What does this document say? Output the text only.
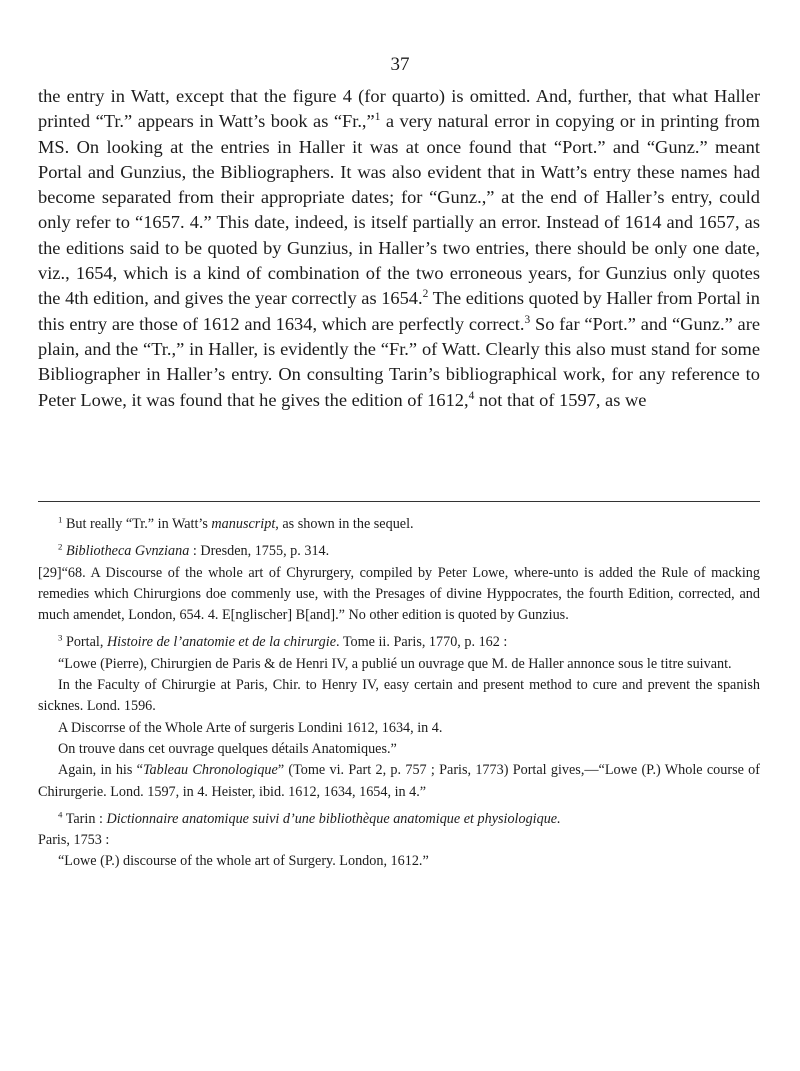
37

the entry in Watt, except that the figure 4 (for quarto) is omitted. And, further, that what Haller printed “Tr.” appears in Watt’s book as “Fr.,”$^1$ a very natural error in copying or in printing from MS. On looking at the entries in Haller it was at once found that “Port.” and “Gunz.” meant Portal and Gunzius, the Bibliographers. It was also evident that in Watt’s entry these names had become separated from their appropriate dates; for “Gunz.,” at the end of Haller’s entry, could only refer to “1657. 4.” This date, indeed, is itself partially an error. Instead of 1614 and 1657, as the editions said to be quoted by Gunzius, in Haller’s two entries, there should be only one date, viz., 1654, which is a kind of combination of the two erroneous years, for Gunzius only quotes the 4th edition, and gives the year correctly as 1654.$^2$ The editions quoted by Haller from Portal in this entry are those of 1612 and 1634, which are perfectly correct.$^3$ So far “Port.” and “Gunz.” are plain, and the “Tr.,” in Haller, is evidently the “Fr.” of Watt. Clearly this also must stand for some Bibliographer in Haller’s entry. On consulting Tarin’s bibliographical work, for any reference to Peter Lowe, it was found that he gives the edition of 1612,$^4$ not that of 1597, as we

$^1$ But really “Tr.” in Watt’s manuscript, as shown in the sequel.

$^2$ Bibliotheca Gvnziana : Dresden, 1755, p. 314.

[29]“68. A Discourse of the whole art of Chyrurgery, compiled by Peter Lowe, where-unto is added the Rule of macking remedies which Chirurgions doe commenly use, with the Presages of divine Hyppocrates, the fourth Edition, corrected, and much amendet, London, 654. 4. E[nglischer] B[and].” No other edition is quoted by Gunzius.

$^3$ Portal, Histoire de l’anatomie et de la chirurgie. Tome ii. Paris, 1770, p. 162 :

“Lowe (Pierre), Chirurgien de Paris & de Henri IV, a publié un ouvrage que M. de Haller annonce sous le titre suivant.

In the Faculty of Chirurgie at Paris, Chir. to Henry IV, easy certain and present method to cure and prevent the spanish sicknes. Lond. 1596.

A Discorrse of the Whole Arte of surgeris Londini 1612, 1634, in 4.

On trouve dans cet ouvrage quelques détails Anatomiques.”

Again, in his “Tableau Chronologique” (Tome vi. Part 2, p. 757 ; Paris, 1773) Portal gives,—“Lowe (P.) Whole course of Chirurgerie. Lond. 1597, in 4. Heister, ibid. 1612, 1634, 1654, in 4.”

$^4$ Tarin : Dictionnaire anatomique suivi d’une bibliothèque anatomique et physiologique.

Paris, 1753 :

“Lowe (P.) discourse of the whole art of Surgery. London, 1612.”
